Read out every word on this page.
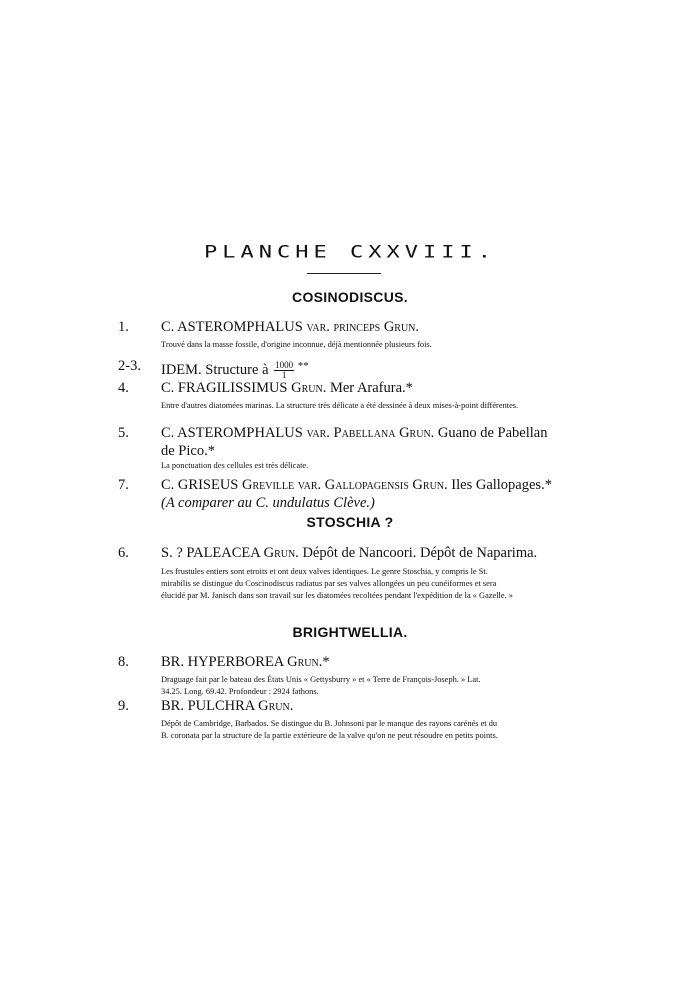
PLANCHE CXXVIII.
COSINODISCUS.
1. C. ASTEROMPHALUS var. princeps Grun.
Trouvé dans la masse fossile, d'origine inconnue, déjà mentionnée plusieurs fois.
2-3. IDEM. Structure à $\frac{1000}{1} ^{**}$
4. C. FRAGILISSIMUS Grun. Mer Arafura.*
Entre d'autres diatomées marinas. La structure très délicate a été dessinée à deux mises-à-point différentes.
5. C. ASTEROMPHALUS var. Pabellana Grun. Guano de Pabellan
de Pico.*
La ponctuation des cellules est très délicate.
7. C. GRISEUS Greville var. Gallopagensis Grun. Iles Gallopages.*
(A comparer au C. undulatus Clève.)
STOSCHIA ?
6. S. ? PALEACEA Grun. Dépôt de Nancoori. Dépôt de Naparima.
Les frustules entiers sont etroits et ont deux valves identiques. Le genre Stoschia, y compris le St.
mirabilis se distingue du Coscinodiscus radiatus par ses valves allongées un peu cunéiformes et sera
élucidé par M. Janisch dans son travail sur les diatomées recoltées pendant l'expédition de la « Gazelle. »
BRIGHTWELLIA.
8. BR. HYPERBOREA Grun.*
Draguage fait par le bateau des États Unis « Gettysburry » et « Terre de François-Joseph. » Lat.
34.25. Long. 69.42. Profondeur : 2924 fathons.
9. BR. PULCHRA Grun.
Dépôt de Cambridge, Barbados. Se distingue du B. Johnsoni par le manque des rayons carénés et du
B. coronata par la structure de la partie extérieure de la valve qu'on ne peut résoudre en petits points.
